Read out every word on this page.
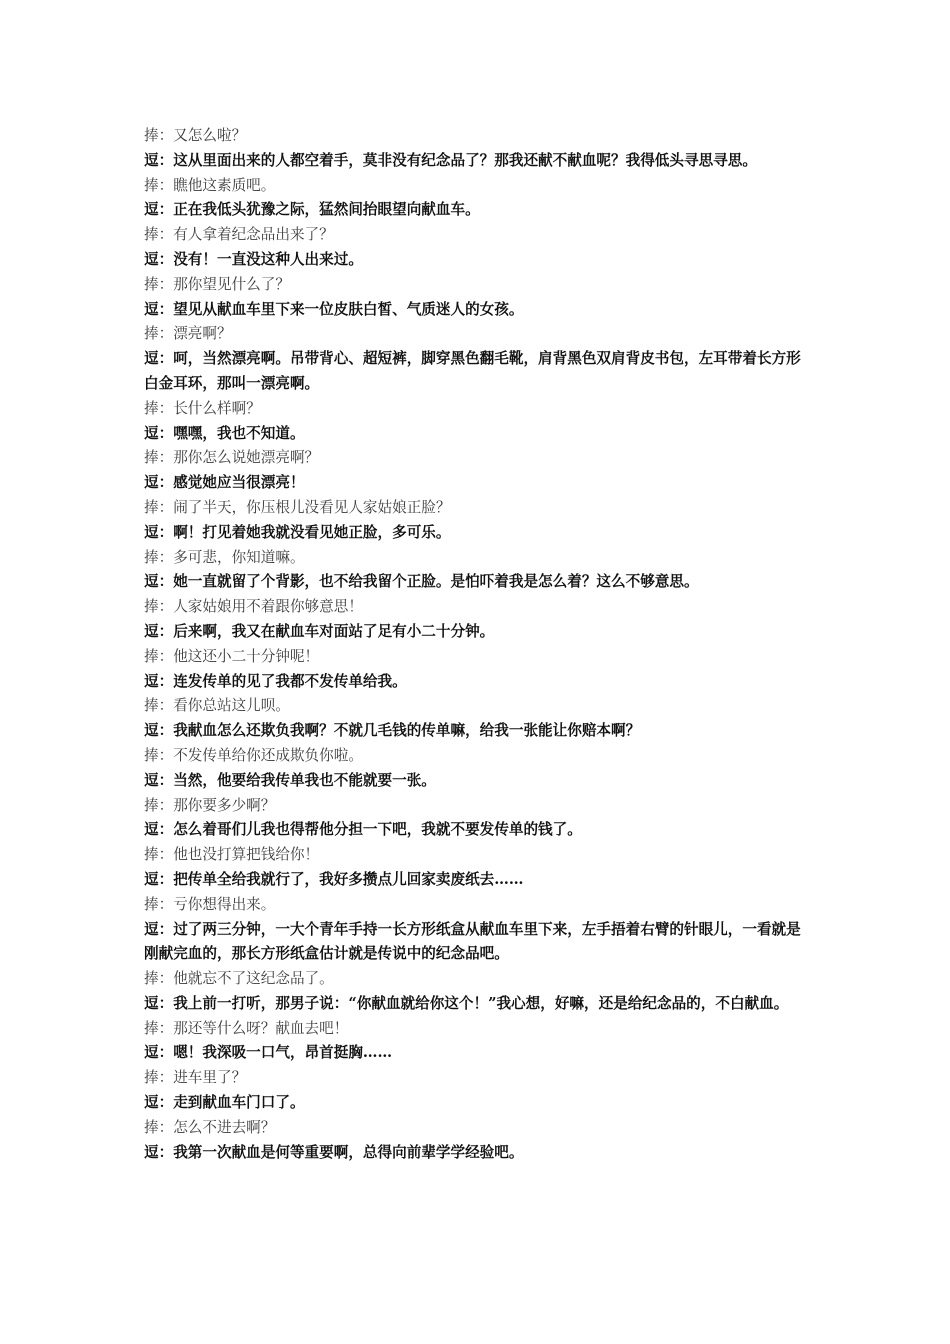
捧：又怎么啦？
逗：这从里面出来的人都空着手，莫非没有纪念品了？那我还献不献血呢？我得低头寻思寻思。
捧：瞧他这素质吧。
逗：正在我低头犹豫之际，猛然间抬眼望向献血车。
捧：有人拿着纪念品出来了？
逗：没有！一直没这种人出来过。
捧：那你望见什么了？
逗：望见从献血车里下来一位皮肤白皙、气质迷人的女孩。
捧：漂亮啊？
逗：呵，当然漂亮啊。吊带背心、超短裤，脚穿黑色翻毛靴，肩背黑色双肩背皮书包，左耳带着长方形白金耳环，那叫一漂亮啊。
捧：长什么样啊？
逗：嘿嘿，我也不知道。
捧：那你怎么说她漂亮啊？
逗：感觉她应当很漂亮！
捧：闹了半天，你压根儿没看见人家姑娘正脸？
逗：啊！打见着她我就没看见她正脸，多可乐。
捧：多可悲，你知道嘛。
逗：她一直就留了个背影，也不给我留个正脸。是怕吓着我是怎么着？这么不够意思。
捧：人家姑娘用不着跟你够意思！
逗：后来啊，我又在献血车对面站了足有小二十分钟。
捧：他这还小二十分钟呢！
逗：连发传单的见了我都不发传单给我。
捧：看你总站这儿呗。
逗：我献血怎么还欺负我啊？不就几毛钱的传单嘛，给我一张能让你赔本啊？
捧：不发传单给你还成欺负你啦。
逗：当然，他要给我传单我也不能就要一张。
捧：那你要多少啊？
逗：怎么着哥们儿我也得帮他分担一下吧，我就不要发传单的钱了。
捧：他也没打算把钱给你！
逗：把传单全给我就行了，我好多攒点儿回家卖废纸去……
捧：亏你想得出来。
逗：过了两三分钟，一大个青年手持一长方形纸盒从献血车里下来，左手捂着右臂的针眼儿，一看就是刚献完血的，那长方形纸盒估计就是传说中的纪念品吧。
捧：他就忘不了这纪念品了。
逗：我上前一打听，那男子说：“你献血就给你这个！”我心想，好嘛，还是给纪念品的，不白献血。
捧：那还等什么呀？献血去吧！
逗：嗯！我深吸一口气，昂首挺胸……
捧：进车里了？
逗：走到献血车门口了。
捧：怎么不进去啊？
逗：我第一次献血是何等重要啊，总得向前辈学学经验吧。
